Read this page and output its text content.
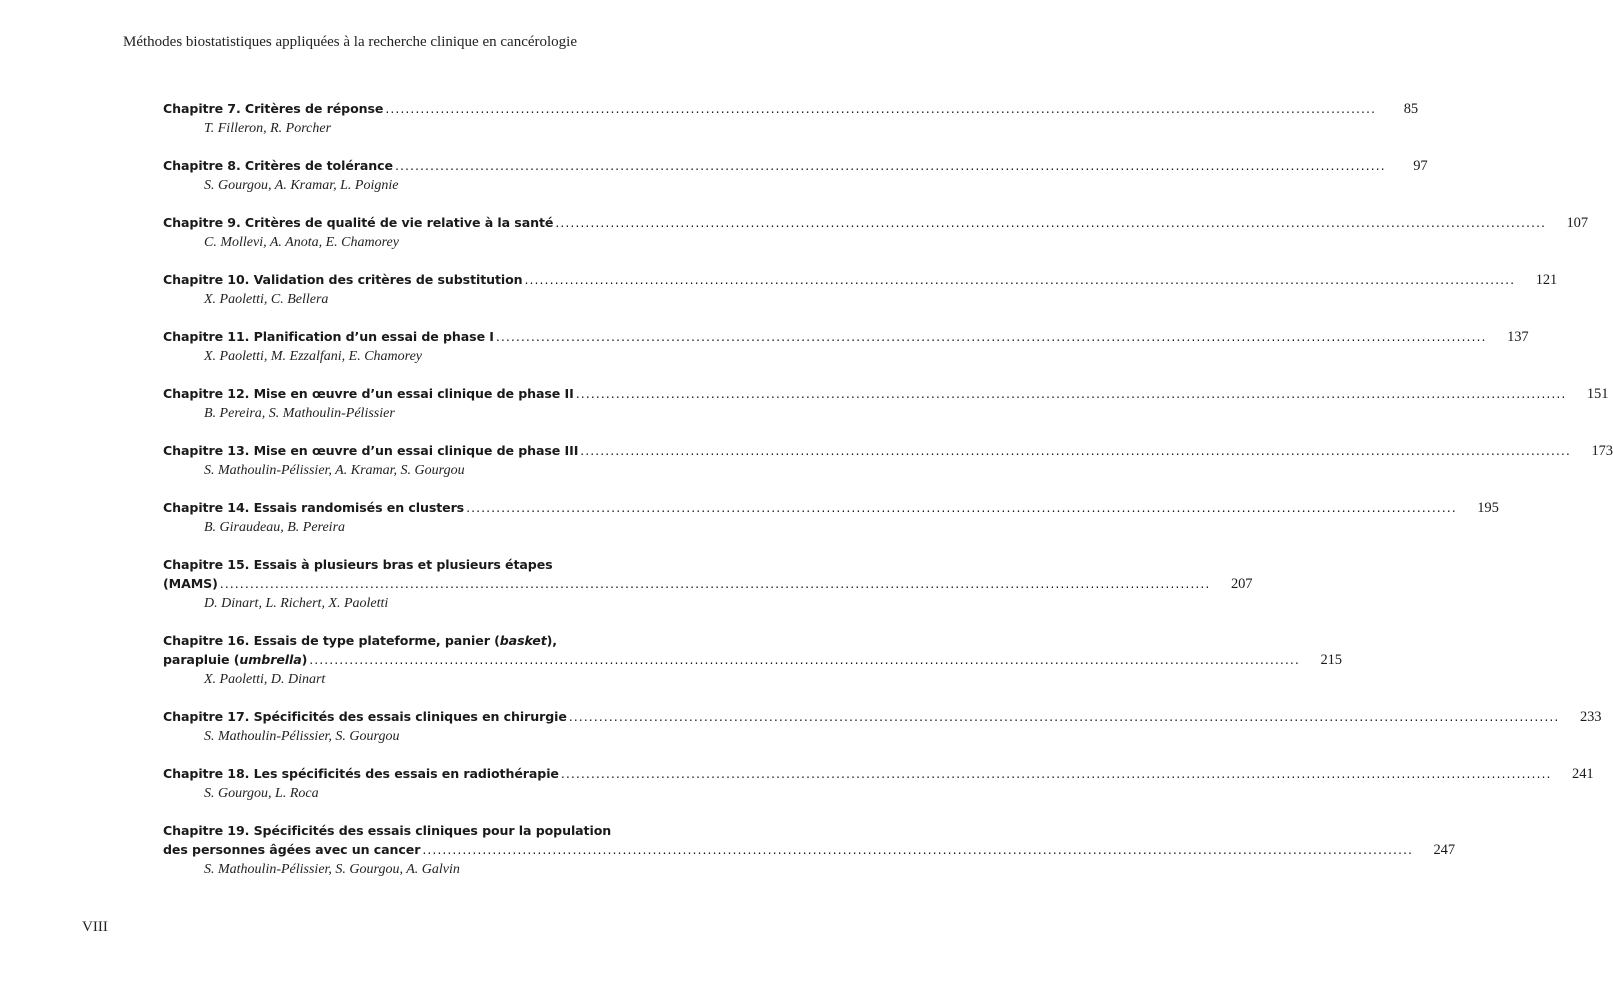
Méthodes biostatistiques appliquées à la recherche clinique en cancérologie
Chapitre 7. Critères de réponse .....	85
T. Filleron, R. Porcher
Chapitre 8. Critères de tolérance .....	97
S. Gourgou, A. Kramar, L. Poignie
Chapitre 9. Critères de qualité de vie relative à la santé .....	107
C. Mollevi, A. Anota, E. Chamorey
Chapitre 10. Validation des critères de substitution .....	121
X. Paoletti, C. Bellera
Chapitre 11. Planification d’un essai de phase I .....	137
X. Paoletti, M. Ezzalfani, E. Chamorey
Chapitre 12. Mise en œuvre d’un essai clinique de phase II .....	151
B. Pereira, S. Mathoulin-Pélissier
Chapitre 13. Mise en œuvre d’un essai clinique de phase III .....	173
S. Mathoulin-Pélissier, A. Kramar, S. Gourgou
Chapitre 14. Essais randomisés en clusters .....	195
B. Giraudeau, B. Pereira
Chapitre 15. Essais à plusieurs bras et plusieurs étapes
(MAMS) .....	207
D. Dinart, L. Richert, X. Paoletti
Chapitre 16. Essais de type plateforme, panier (basket),
parapluie (umbrella) .....	215
X. Paoletti, D. Dinart
Chapitre 17. Spécificités des essais cliniques en chirurgie .....	233
S. Mathoulin-Pélissier, S. Gourgou
Chapitre 18. Les spécificités des essais en radiothérapie .....	241
S. Gourgou, L. Roca
Chapitre 19. Spécificités des essais cliniques pour la population
des personnes âgées avec un cancer .....	247
S. Mathoulin-Pélissier, S. Gourgou, A. Galvin
VIII
